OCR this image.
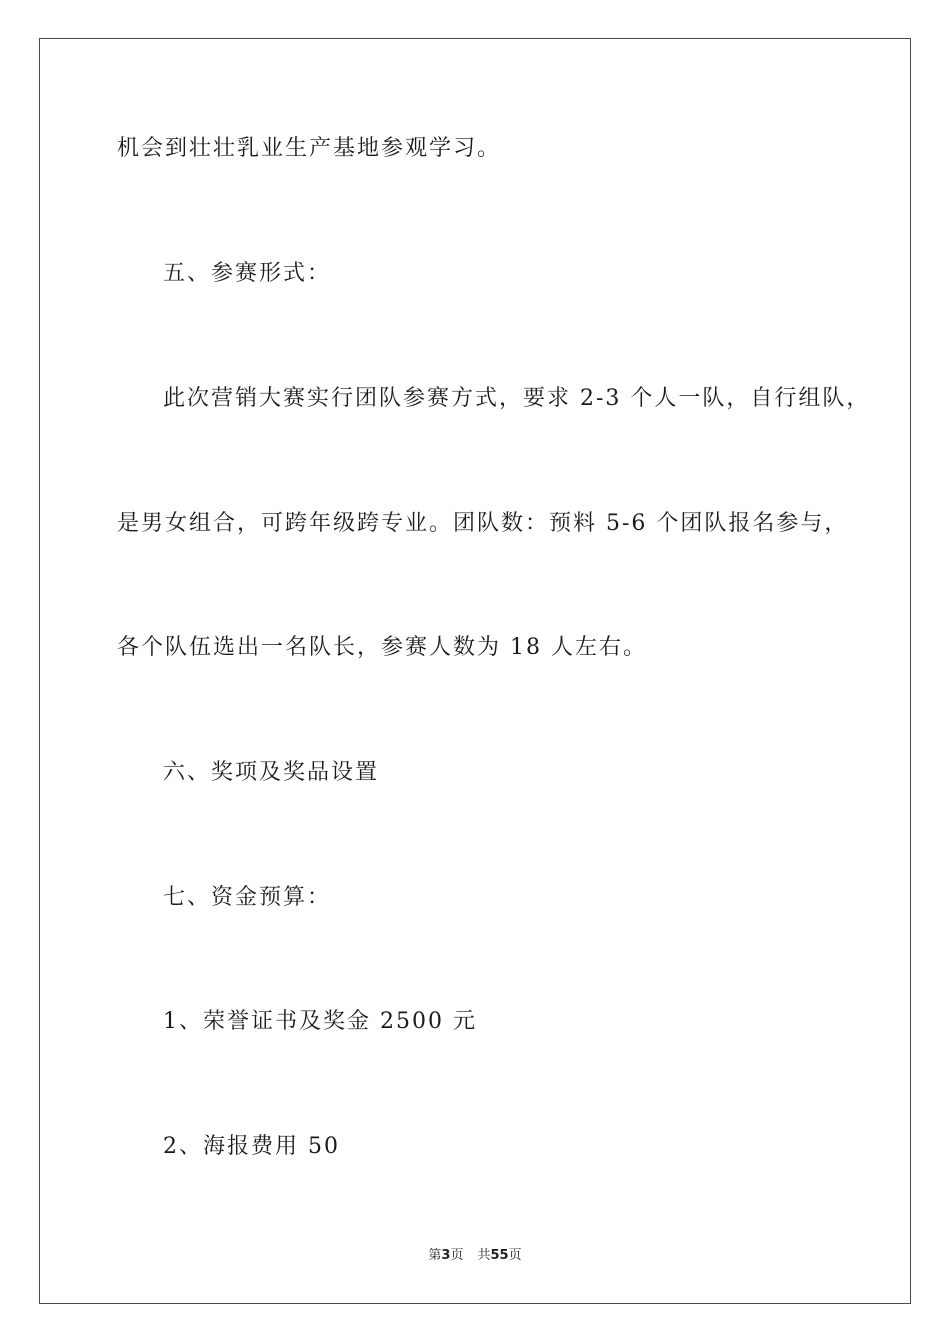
机会到壮壮乳业生产基地参观学习。
五、参赛形式：
此次营销大赛实行团队参赛方式，要求 2-3 个人一队，自行组队，
是男女组合，可跨年级跨专业。团队数：预料 5-6 个团队报名参与，
各个队伍选出一名队长，参赛人数为 18 人左右。
六、奖项及奖品设置
七、资金预算：
1、荣誉证书及奖金 2500 元
2、海报费用 50
第3页 共55页
